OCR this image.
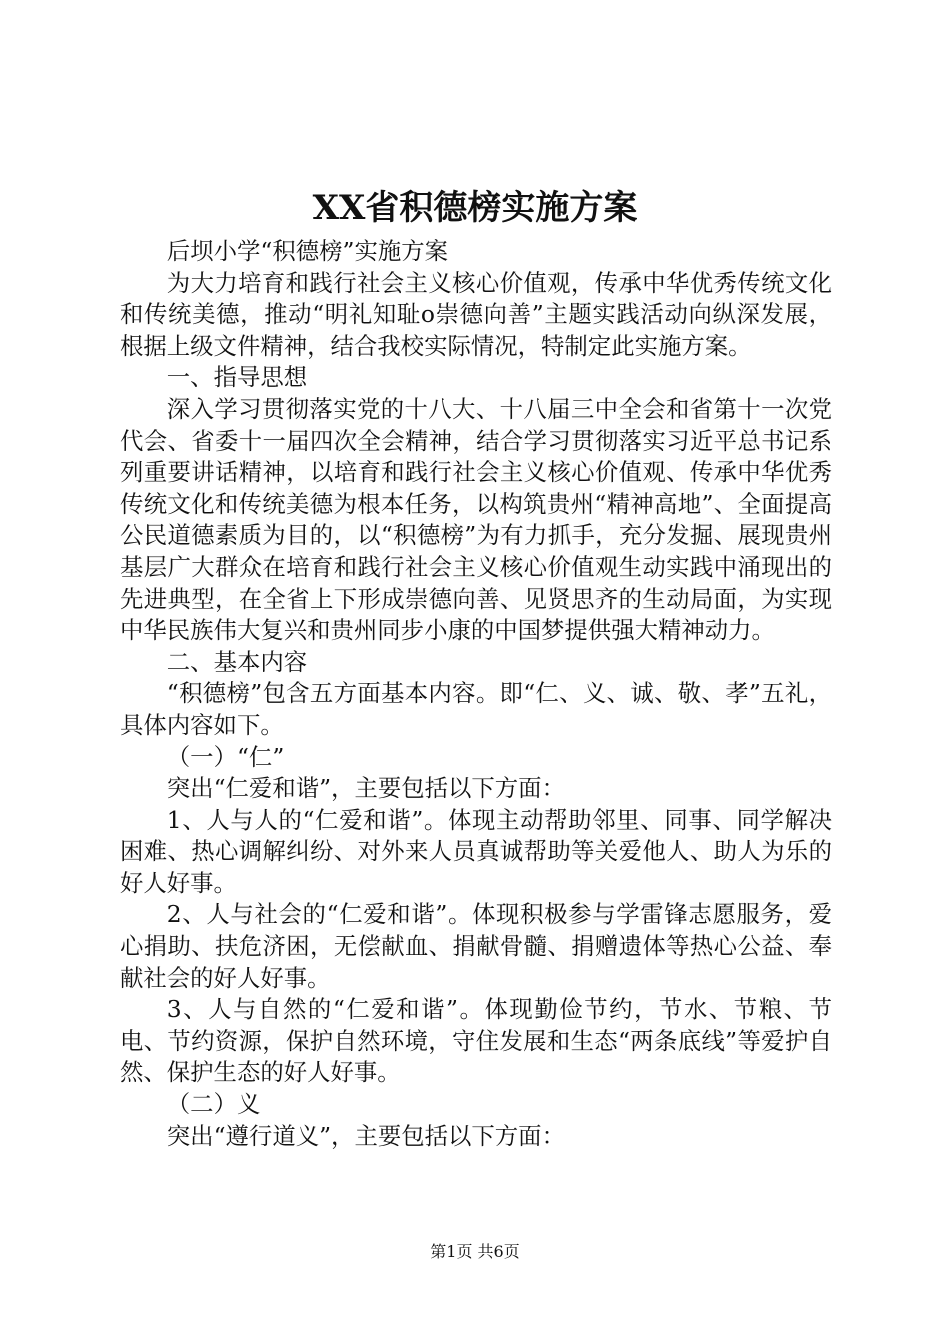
XX省积德榜实施方案

后坝小学“积德榜”实施方案

为大力培育和践行社会主义核心价值观，传承中华优秀传统文化和传统美德，推动“明礼知耻ο崇德向善”主题实践活动向纵深发展，根据上级文件精神，结合我校实际情况，特制定此实施方案。

一、指导思想

深入学习贯彻落实党的十八大、十八届三中全会和省第十一次党代会、省委十一届四次全会精神，结合学习贯彻落实习近平总书记系列重要讲话精神，以培育和践行社会主义核心价值观、传承中华优秀传统文化和传统美德为根本任务，以构筑贵州“精神高地”、全面提高公民道德素质为目的，以“积德榜”为有力抓手，充分发掘、展现贵州基层广大群众在培育和践行社会主义核心价值观生动实践中涌现出的先进典型，在全省上下形成崇德向善、见贤思齐的生动局面，为实现中华民族伟大复兴和贵州同步小康的中国梦提供强大精神动力。

二、基本内容

“积德榜”包含五方面基本内容。即“仁、义、诚、敬、孝”五礼，具体内容如下。

（一）“仁”

突出“仁爱和谐”，主要包括以下方面：

1、人与人的“仁爱和谐”。体现主动帮助邻里、同事、同学解决困难、热心调解纠纷、对外来人员真诚帮助等关爱他人、助人为乐的好人好事。

2、人与社会的“仁爱和谐”。体现积极参与学雷锋志愿服务，爱心捐助、扶危济困，无偿献血、捐献骨髓、捐赠遗体等热心公益、奉献社会的好人好事。

3、人与自然的“仁爱和谐”。体现勤俭节约，节水、节粮、节电、节约资源，保护自然环境，守住发展和生态“两条底线”等爱护自然、保护生态的好人好事。

（二）义

突出“遵行道义”，主要包括以下方面：

第1页 共6页
